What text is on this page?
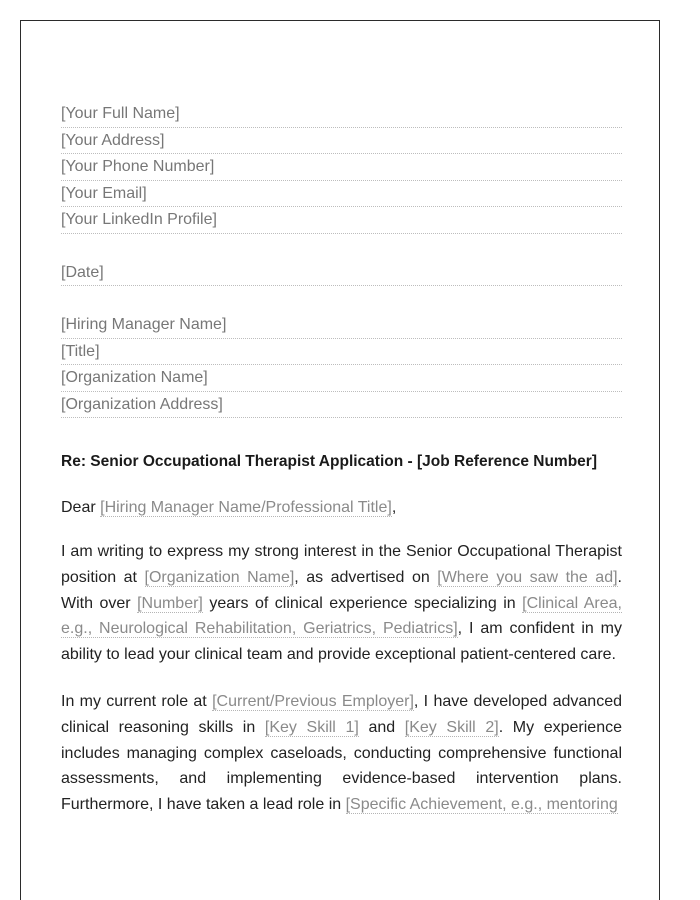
[Your Full Name]
[Your Address]
[Your Phone Number]
[Your Email]
[Your LinkedIn Profile]
[Date]
[Hiring Manager Name]
[Title]
[Organization Name]
[Organization Address]
Re: Senior Occupational Therapist Application - [Job Reference Number]
Dear [Hiring Manager Name/Professional Title],
I am writing to express my strong interest in the Senior Occupational Therapist position at [Organization Name], as advertised on [Where you saw the ad]. With over [Number] years of clinical experience specializing in [Clinical Area, e.g., Neurological Rehabilitation, Geriatrics, Pediatrics], I am confident in my ability to lead your clinical team and provide exceptional patient-centered care.
In my current role at [Current/Previous Employer], I have developed advanced clinical reasoning skills in [Key Skill 1] and [Key Skill 2]. My experience includes managing complex caseloads, conducting comprehensive functional assessments, and implementing evidence-based intervention plans. Furthermore, I have taken a lead role in [Specific Achievement, e.g., mentoring
